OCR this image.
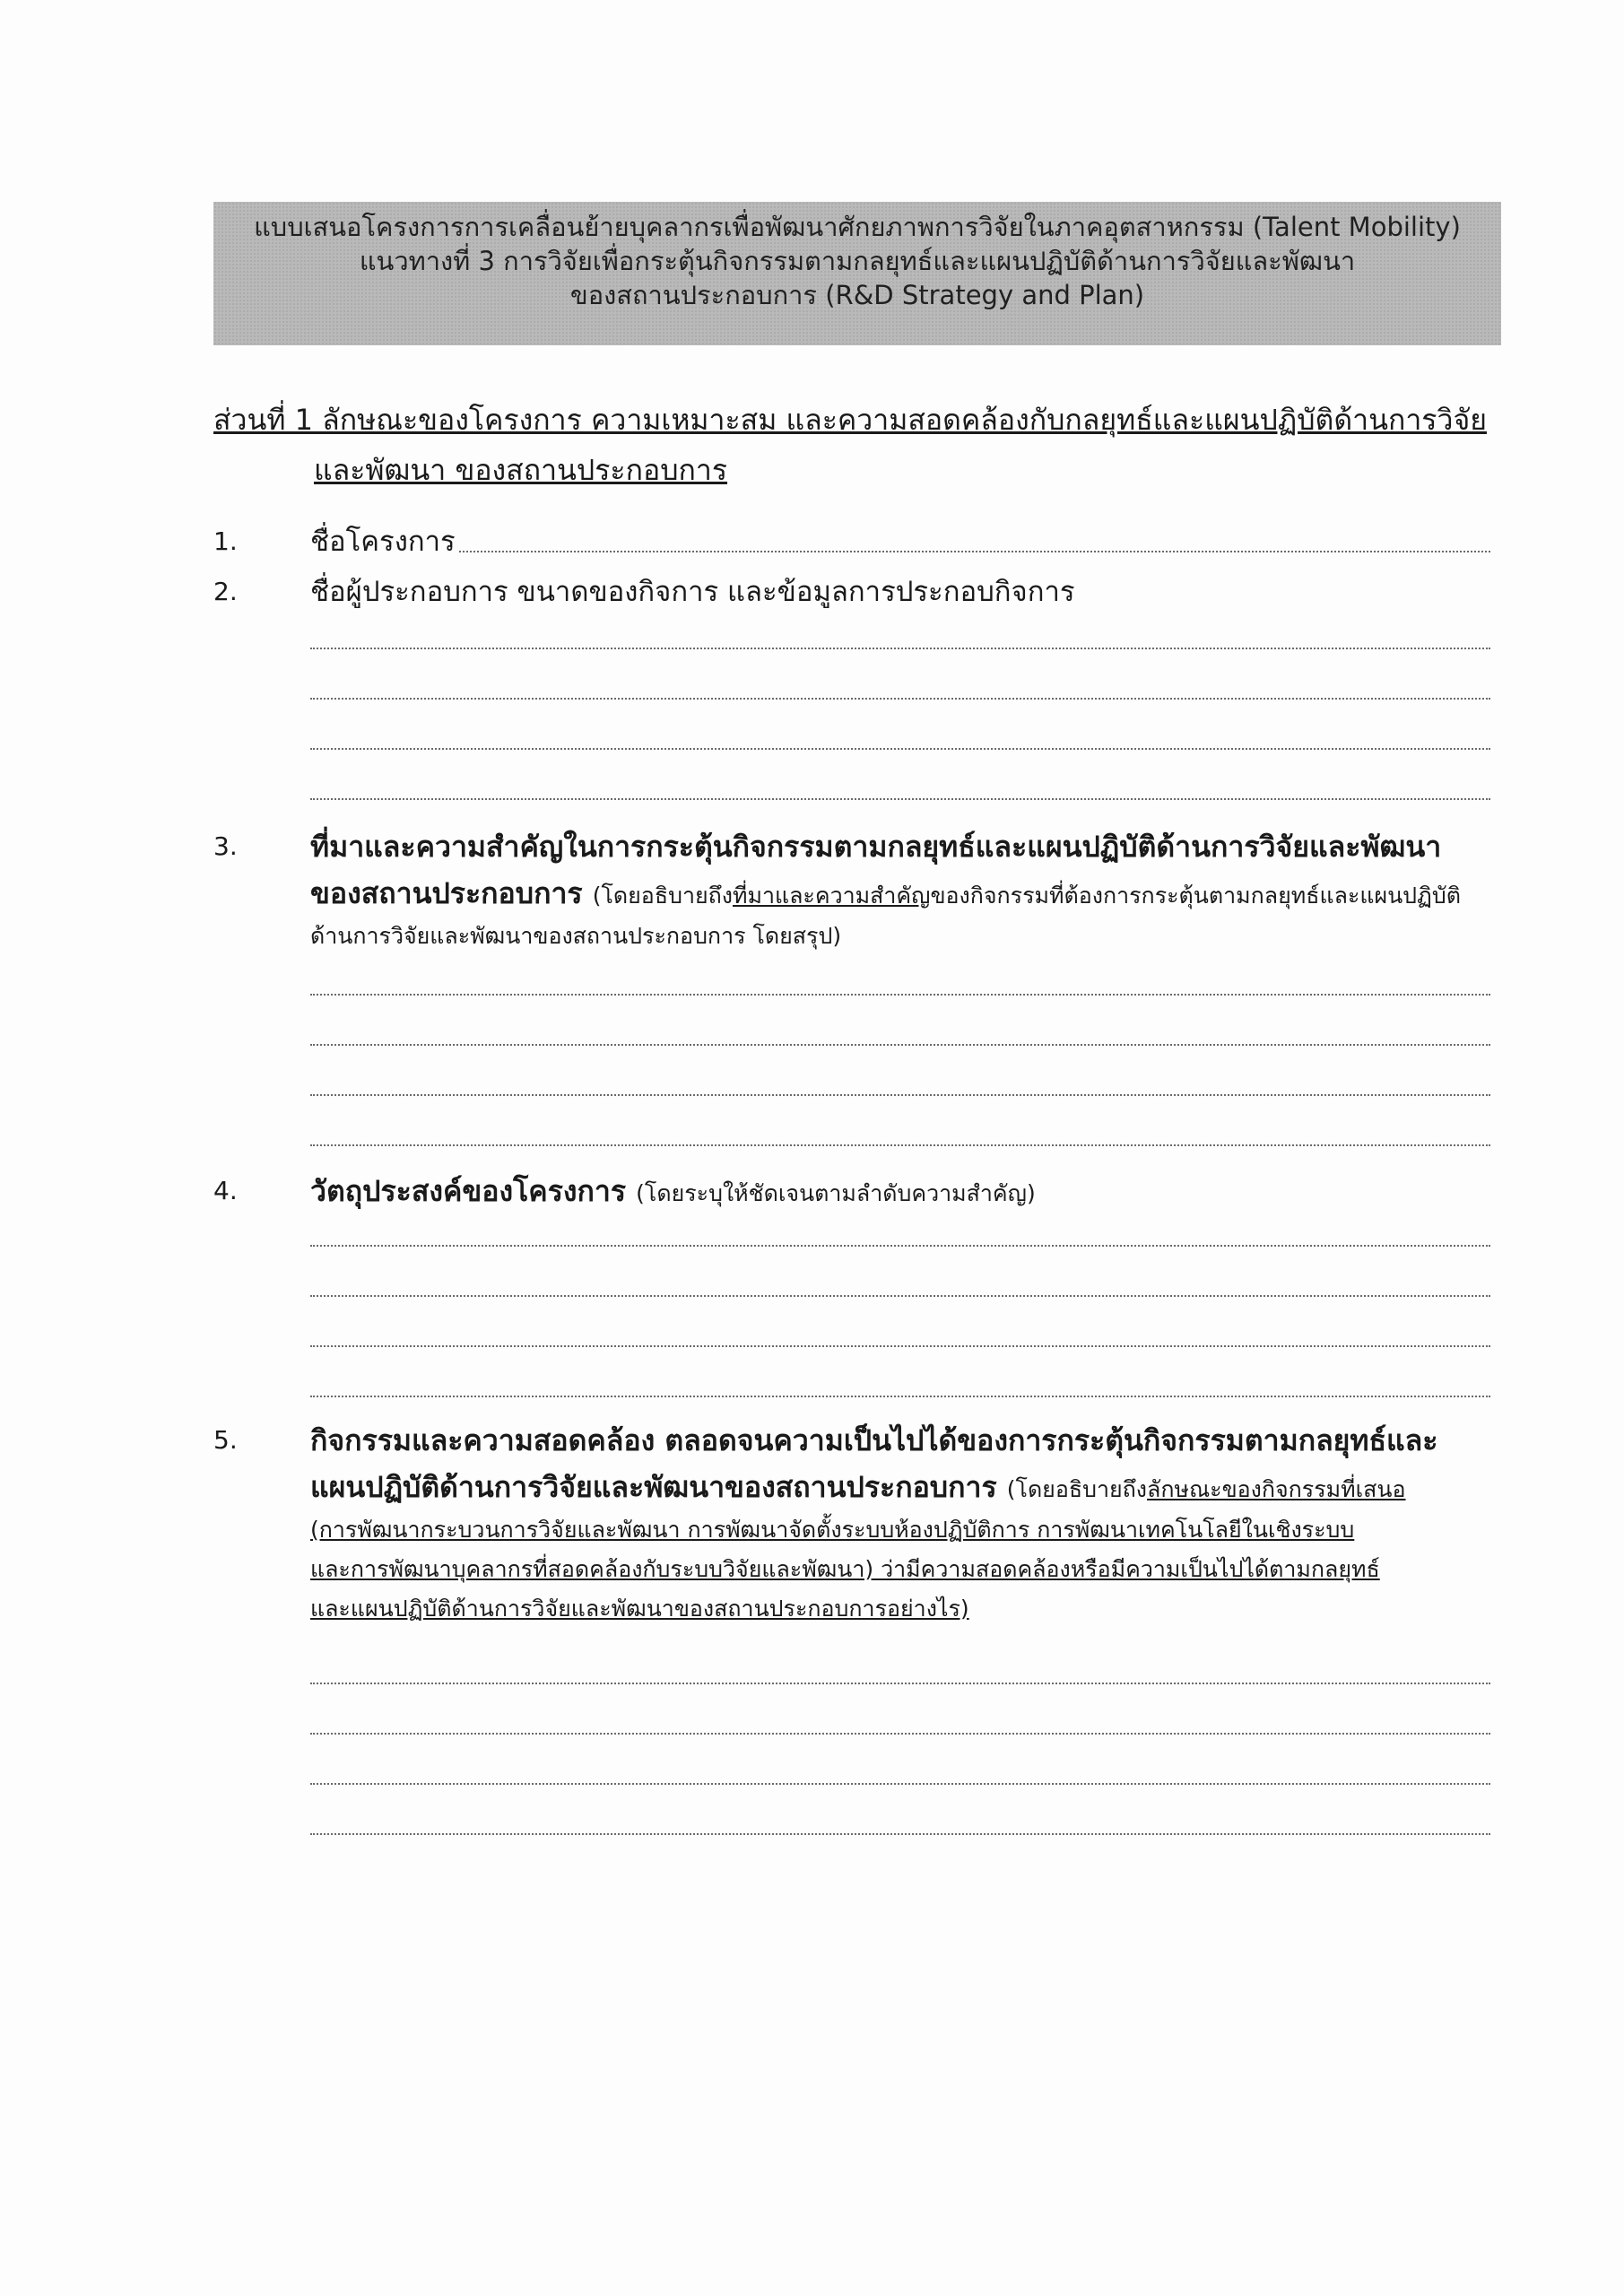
แบบเสนอโครงการการเคลื่อนย้ายบุคลากรเพื่อพัฒนาศักยภาพการวิจัยในภาคอุตสาหกรรม (Talent Mobility)
แนวทางที่ 3 การวิจัยเพื่อกระตุ้นกิจกรรมตามกลยุทธ์และแผนปฏิบัติด้านการวิจัยและพัฒนา
ของสถานประกอบการ (R&D Strategy and Plan)
ส่วนที่ 1 ลักษณะของโครงการ ความเหมาะสม และความสอดคล้องกับกลยุทธ์และแผนปฏิบัติด้านการวิจัย
และพัฒนา ของสถานประกอบการ
1.	ชื่อโครงการ
2.	ชื่อผู้ประกอบการ ขนาดของกิจการ และข้อมูลการประกอบกิจการ
3.	ที่มาและความสำคัญในการกระตุ้นกิจกรรมตามกลยุทธ์และแผนปฏิบัติด้านการวิจัยและพัฒนา
ของสถานประกอบการ (โดยอธิบายถึงที่มาและความสำคัญของกิจกรรมที่ต้องการกระตุ้นตามกลยุทธ์และแผนปฏิบัติ
ด้านการวิจัยและพัฒนาของสถานประกอบการ โดยสรุป)
4.	วัตถุประสงค์ของโครงการ (โดยระบุให้ชัดเจนตามลำดับความสำคัญ)
5.	กิจกรรมและความสอดคล้อง ตลอดจนความเป็นไปได้ของการกระตุ้นกิจกรรมตามกลยุทธ์และ
แผนปฏิบัติด้านการวิจัยและพัฒนาของสถานประกอบการ (โดยอธิบายถึงลักษณะของกิจกรรมที่เสนอ
(การพัฒนากระบวนการวิจัยและพัฒนา การพัฒนาจัดตั้งระบบห้องปฏิบัติการ การพัฒนาเทคโนโลยีในเชิงระบบ
และการพัฒนาบุคลากรที่สอดคล้องกับระบบวิจัยและพัฒนา) ว่ามีความสอดคล้องหรือมีความเป็นไปได้ตามกลยุทธ์
และแผนปฏิบัติด้านการวิจัยและพัฒนาของสถานประกอบการอย่างไร)
